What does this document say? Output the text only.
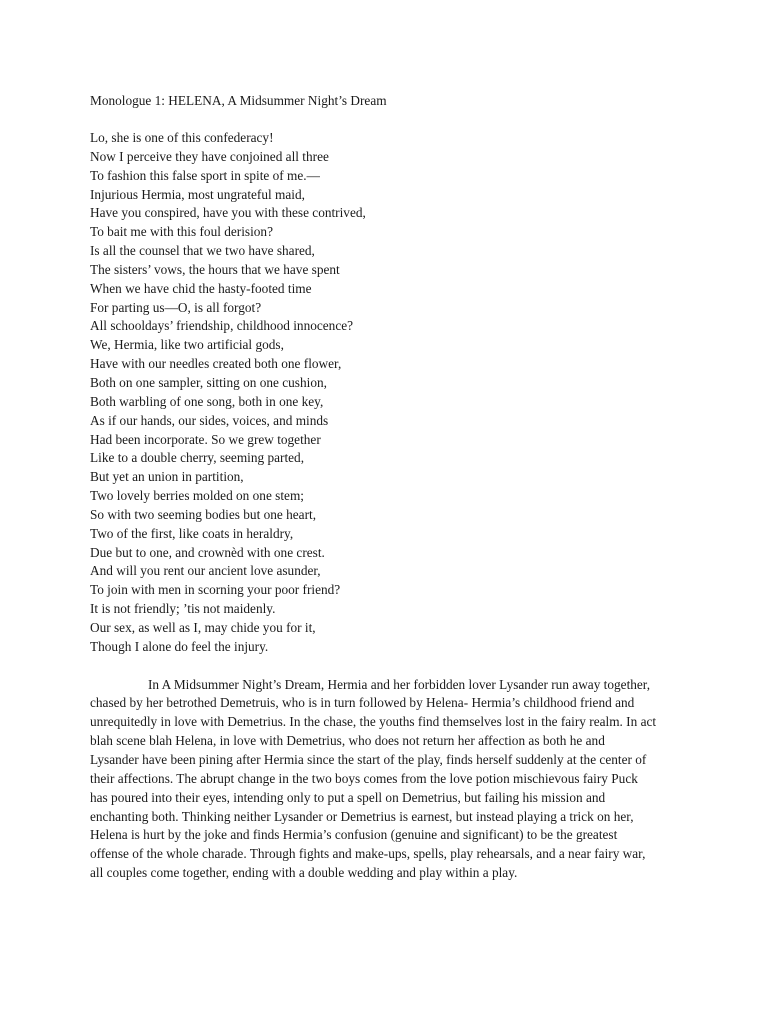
Monologue 1: HELENA, A Midsummer Night’s Dream
Lo, she is one of this confederacy!
Now I perceive they have conjoined all three
To fashion this false sport in spite of me.—
Injurious Hermia, most ungrateful maid,
Have you conspired, have you with these contrived,
To bait me with this foul derision?
Is all the counsel that we two have shared,
The sisters’ vows, the hours that we have spent
When we have chid the hasty-footed time
For parting us—O, is all forgot?
All schooldays’ friendship, childhood innocence?
We, Hermia, like two artificial gods,
Have with our needles created both one flower,
Both on one sampler, sitting on one cushion,
Both warbling of one song, both in one key,
As if our hands, our sides, voices, and minds
Had been incorporate. So we grew together
Like to a double cherry, seeming parted,
But yet an union in partition,
Two lovely berries molded on one stem;
So with two seeming bodies but one heart,
Two of the first, like coats in heraldry,
Due but to one, and crownèd with one crest.
And will you rent our ancient love asunder,
To join with men in scorning your poor friend?
It is not friendly; ’tis not maidenly.
Our sex, as well as I, may chide you for it,
Though I alone do feel the injury.
In A Midsummer Night’s Dream, Hermia and her forbidden lover Lysander run away together,
chased by her betrothed Demetruis, who is in turn followed by Helena- Hermia’s childhood friend and
unrequitedly in love with Demetrius. In the chase, the youths find themselves lost in the fairy realm. In act
blah scene blah Helena, in love with Demetrius, who does not return her affection as both he and
Lysander have been pining after Hermia since the start of the play, finds herself suddenly at the center of
their affections. The abrupt change in the two boys comes from the love potion mischievous fairy Puck
has poured into their eyes, intending only to put a spell on Demetrius, but failing his mission and
enchanting both. Thinking neither Lysander or Demetrius is earnest, but instead playing a trick on her,
Helena is hurt by the joke and finds Hermia’s confusion (genuine and significant) to be the greatest
offense of the whole charade. Through fights and make-ups, spells, play rehearsals, and a near fairy war,
all couples come together, ending with a double wedding and play within a play.
